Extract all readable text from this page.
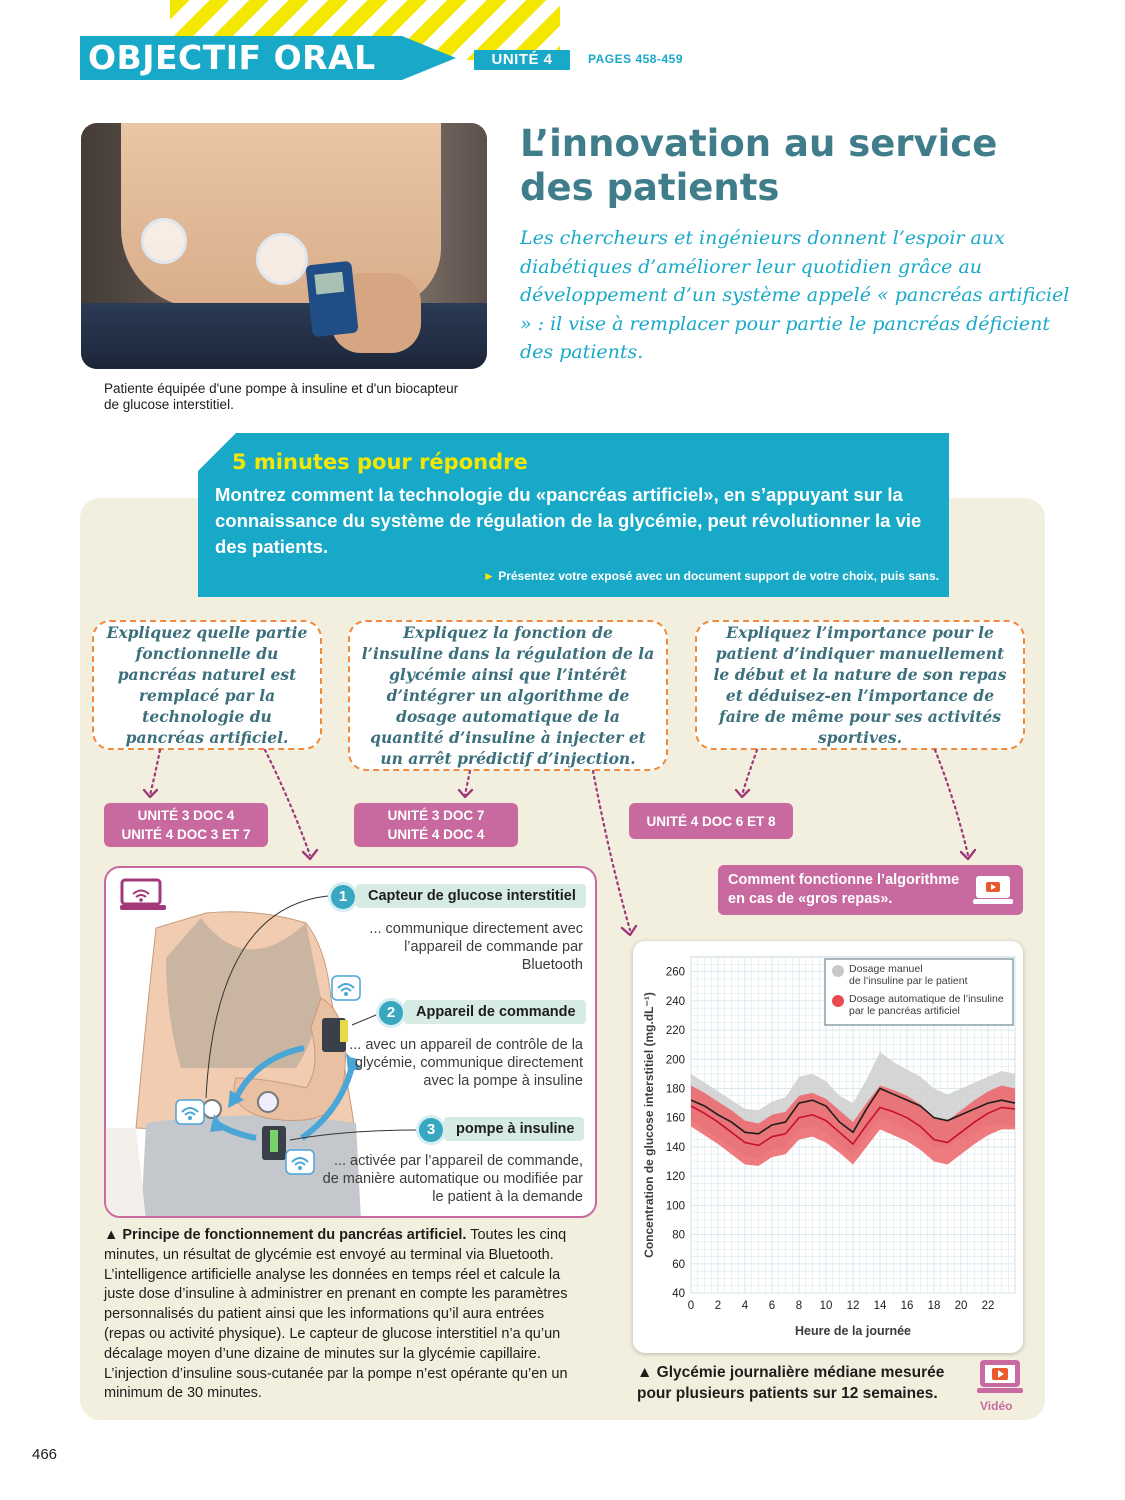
OBJECTIF ORAL	UNITÉ 4	PAGES 458-459
Patiente équipée d'une pompe à insuline et d'un biocapteur de glucose interstitiel.
L’innovation au service des patients

Les chercheurs et ingénieurs donnent l’espoir aux diabétiques d’améliorer leur quotidien grâce au développement d’un système appelé « pancréas artificiel » : il vise à remplacer pour partie le pancréas déficient des patients.

5 minutes pour répondre
Montrez comment la technologie du «pancréas artificiel», en s’appuyant sur la connaissance du système de régulation de la glycémie, peut révolutionner la vie des patients.
► Présentez votre exposé avec un document support de votre choix, puis sans.
Expliquez quelle partie fonctionnelle du pancréas naturel est remplacé par la technologie du pancréas artificiel.
Expliquez la fonction de l’insuline dans la régulation de la glycémie ainsi que l’intérêt d’intégrer un algorithme de dosage automatique de la quantité d’insuline à injecter et un arrêt prédictif d’injection.
Expliquez l’importance pour le patient d’indiquer manuellement le début et la nature de son repas et déduisez-en l’importance de faire de même pour ses activités sportives.
UNITÉ 3 DOC 4
UNITÉ 4 DOC 3 ET 7
UNITÉ 3 DOC 7
UNITÉ 4 DOC 4
UNITÉ 4 DOC 6 ET 8
1	Capteur de glucose interstitiel
... communique directement avec l’appareil de commande par Bluetooth
2	Appareil de commande
... avec un appareil de contrôle de la glycémie, communique directement avec la pompe à insuline
3	pompe à insuline
... activée par l’appareil de commande, de manière automatique ou modifiée par le patient à la demande

▲ Principe de fonctionnement du pancréas artificiel. Toutes les cinq minutes, un résultat de glycémie est envoyé au terminal via Bluetooth. L’intelligence artificielle analyse les données en temps réel et calcule la juste dose d’insuline à administrer en prenant en compte les paramètres personnalisés du patient ainsi que les informations qu’il aura entrées (repas ou activité physique). Le capteur de glucose interstitiel n’a qu’un décalage moyen d’une dizaine de minutes sur la glycémie capillaire. L’injection d’insuline sous-cutanée par la pompe n’est opérante qu’en un minimum de 30 minutes.

Comment fonctionne l’algorithme en cas de «gros repas».
0 2 4 6 8 10 12 14 16 18 20 22
40
60
80
100
120
140
160
180
200
220
240
260
Heure de la journée
Concentration de glucose interstitiel (mg.dL⁻¹)
Dosage manuel
de l’insuline par le patient
Dosage automatique de l’insuline
par le pancréas artificiel

▲ Glycémie journalière médiane mesurée pour plusieurs patients sur 12 semaines.

Vidéo
466
